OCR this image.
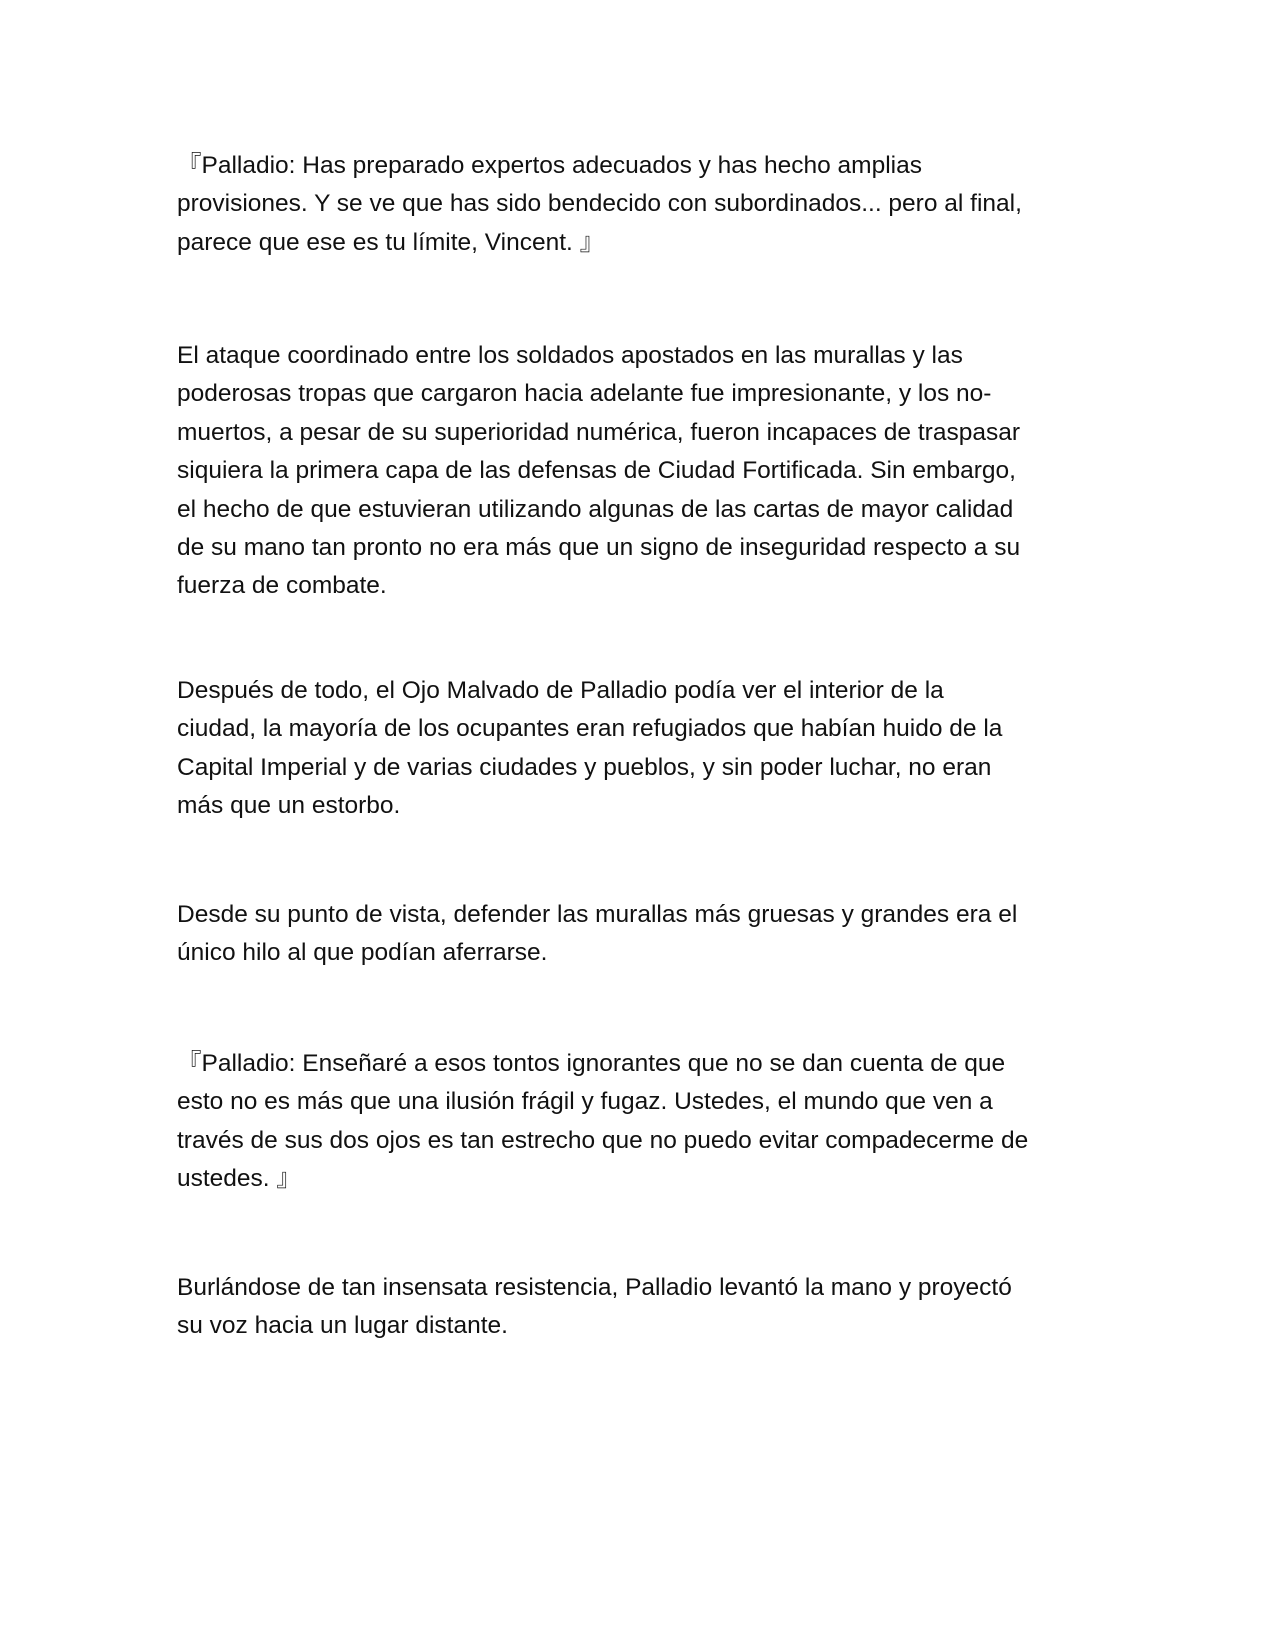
『Palladio: Has preparado expertos adecuados y has hecho amplias
provisiones. Y se ve que has sido bendecido con subordinados... pero al final,
parece que ese es tu límite, Vincent. 』

El ataque coordinado entre los soldados apostados en las murallas y las
poderosas tropas que cargaron hacia adelante fue impresionante, y los no-
muertos, a pesar de su superioridad numérica, fueron incapaces de traspasar
siquiera la primera capa de las defensas de Ciudad Fortificada. Sin embargo,
el hecho de que estuvieran utilizando algunas de las cartas de mayor calidad
de su mano tan pronto no era más que un signo de inseguridad respecto a su
fuerza de combate.

Después de todo, el Ojo Malvado de Palladio podía ver el interior de la
ciudad, la mayoría de los ocupantes eran refugiados que habían huido de la
Capital Imperial y de varias ciudades y pueblos, y sin poder luchar, no eran
más que un estorbo.

Desde su punto de vista, defender las murallas más gruesas y grandes era el
único hilo al que podían aferrarse.

『Palladio: Enseñaré a esos tontos ignorantes que no se dan cuenta de que
esto no es más que una ilusión frágil y fugaz. Ustedes, el mundo que ven a
través de sus dos ojos es tan estrecho que no puedo evitar compadecerme de
ustedes. 』

Burlándose de tan insensata resistencia, Palladio levantó la mano y proyectó
su voz hacia un lugar distante.
